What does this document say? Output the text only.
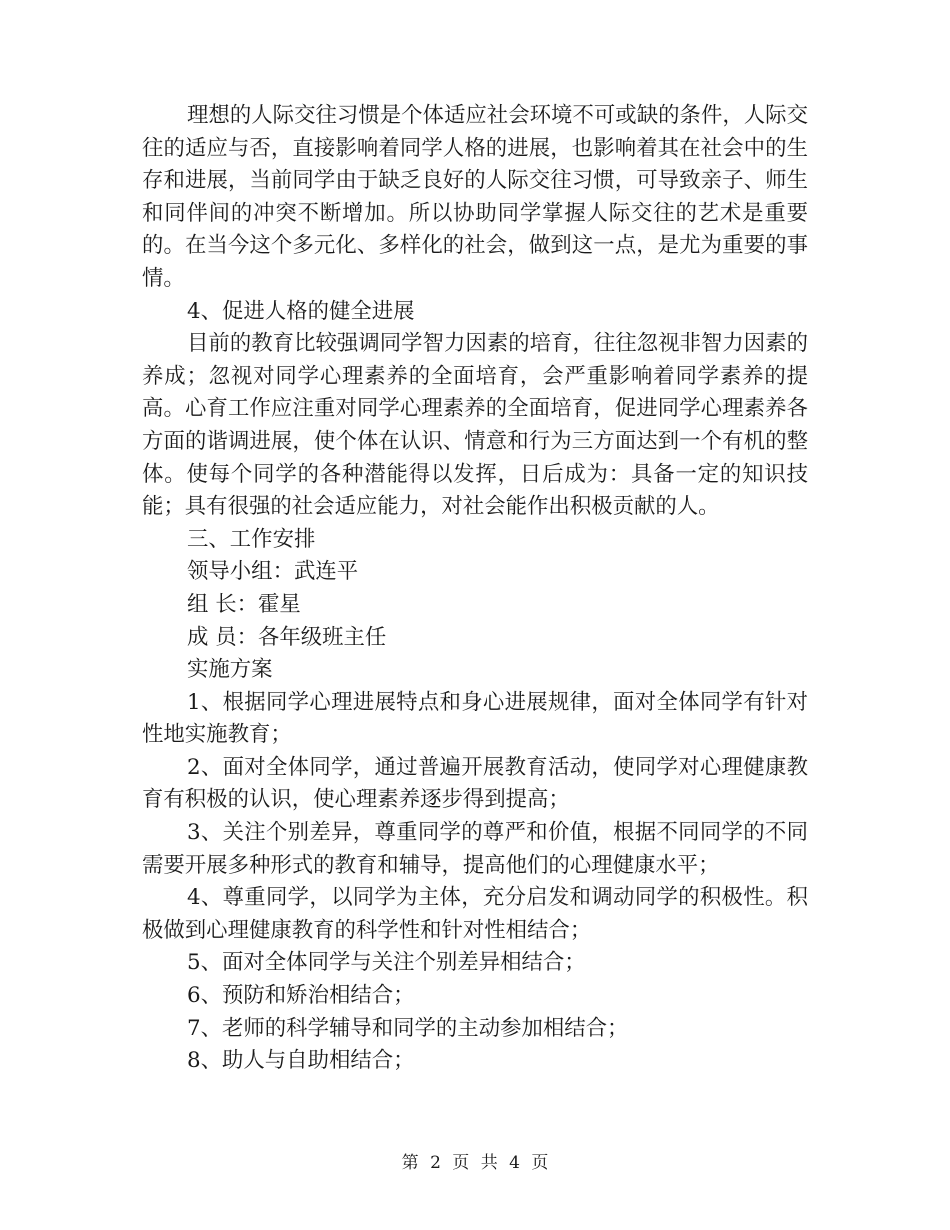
理想的人际交往习惯是个体适应社会环境不可或缺的条件，人际交往的适应与否，直接影响着同学人格的进展，也影响着其在社会中的生存和进展，当前同学由于缺乏良好的人际交往习惯，可导致亲子、师生和同伴间的冲突不断增加。所以协助同学掌握人际交往的艺术是重要的。在当今这个多元化、多样化的社会，做到这一点，是尤为重要的事情。

4、促进人格的健全进展

目前的教育比较强调同学智力因素的培育，往往忽视非智力因素的养成；忽视对同学心理素养的全面培育，会严重影响着同学素养的提高。心育工作应注重对同学心理素养的全面培育，促进同学心理素养各方面的谐调进展，使个体在认识、情意和行为三方面达到一个有机的整体。使每个同学的各种潜能得以发挥，日后成为：具备一定的知识技能；具有很强的社会适应能力，对社会能作出积极贡献的人。

三、工作安排

领导小组：武连平

组 长：霍星

成 员：各年级班主任

实施方案

1、根据同学心理进展特点和身心进展规律，面对全体同学有针对性地实施教育；

2、面对全体同学，通过普遍开展教育活动，使同学对心理健康教育有积极的认识，使心理素养逐步得到提高；

3、关注个别差异，尊重同学的尊严和价值，根据不同同学的不同需要开展多种形式的教育和辅导，提高他们的心理健康水平；

4、尊重同学，以同学为主体，充分启发和调动同学的积极性。积极做到心理健康教育的科学性和针对性相结合；

5、面对全体同学与关注个别差异相结合；

6、预防和矫治相结合；

7、老师的科学辅导和同学的主动参加相结合；

8、助人与自助相结合；

第 2 页 共 4 页
